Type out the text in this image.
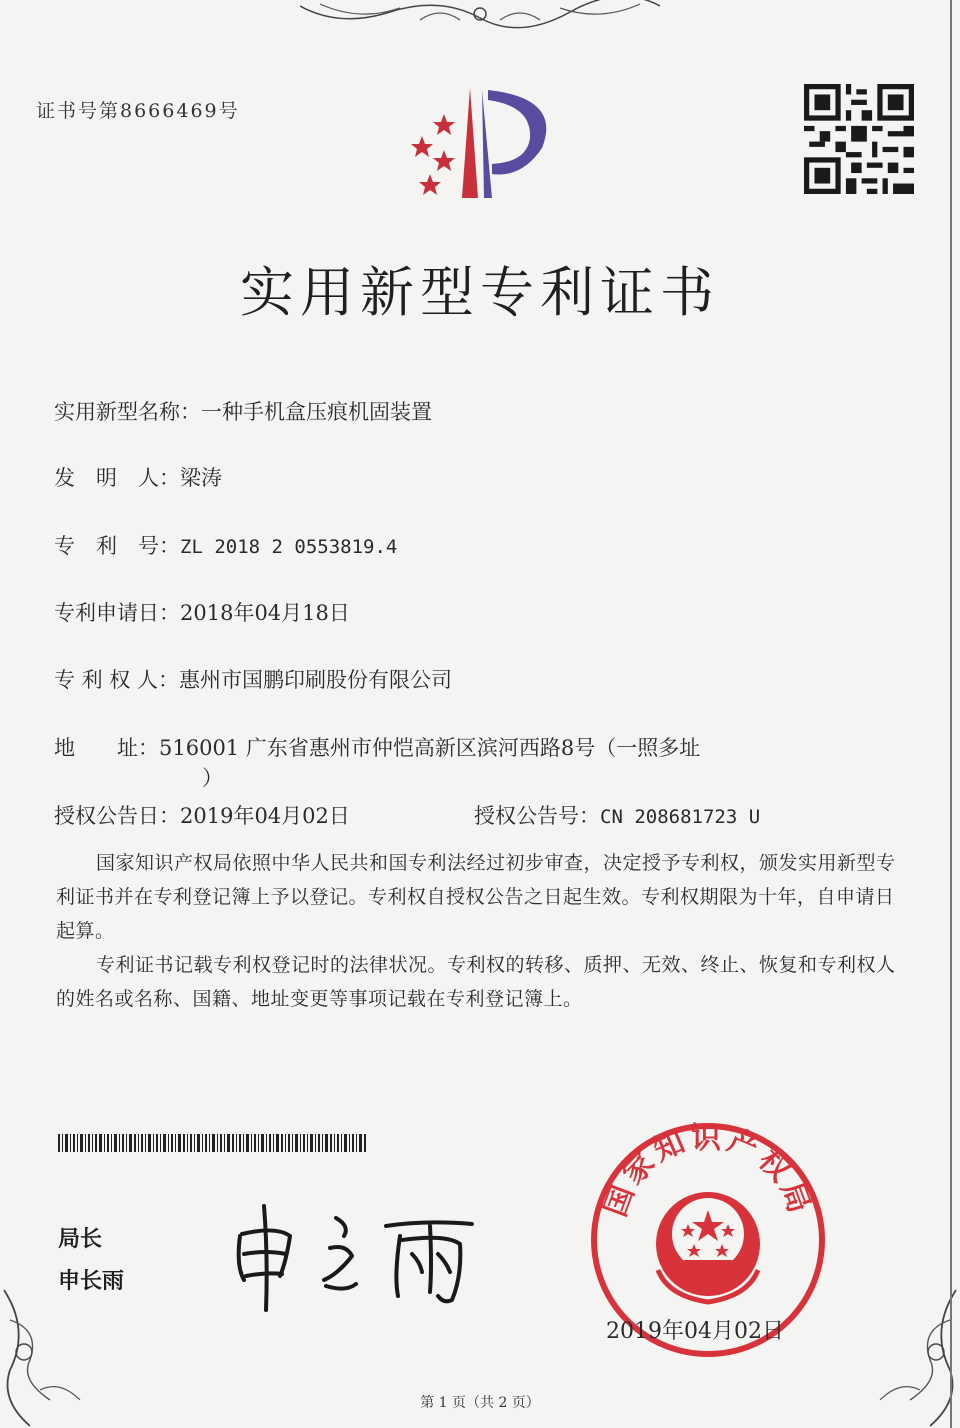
证书号第8666469号
实用新型专利证书
实用新型名称：一种手机盒压痕机固装置
发　明　人：梁涛
专　利　号：ZL 2018 2 0553819.4
专利申请日：2018年04月18日
专 利 权 人：惠州市国鹏印刷股份有限公司
地　　址：516001 广东省惠州市仲恺高新区滨河西路8号（一照多址
）
授权公告日：2019年04月02日	授权公告号：CN 208681723 U
国家知识产权局依照中华人民共和国专利法经过初步审查，决定授予专利权，颁发实用新型专利证书并在专利登记簿上予以登记。专利权自授权公告之日起生效。专利权期限为十年，自申请日起算。
专利证书记载专利权登记时的法律状况。专利权的转移、质押、无效、终止、恢复和专利权人的姓名或名称、国籍、地址变更等事项记载在专利登记簿上。
局长
申长雨
国家知识产权局
2019年04月02日
第 1 页（共 2 页）
